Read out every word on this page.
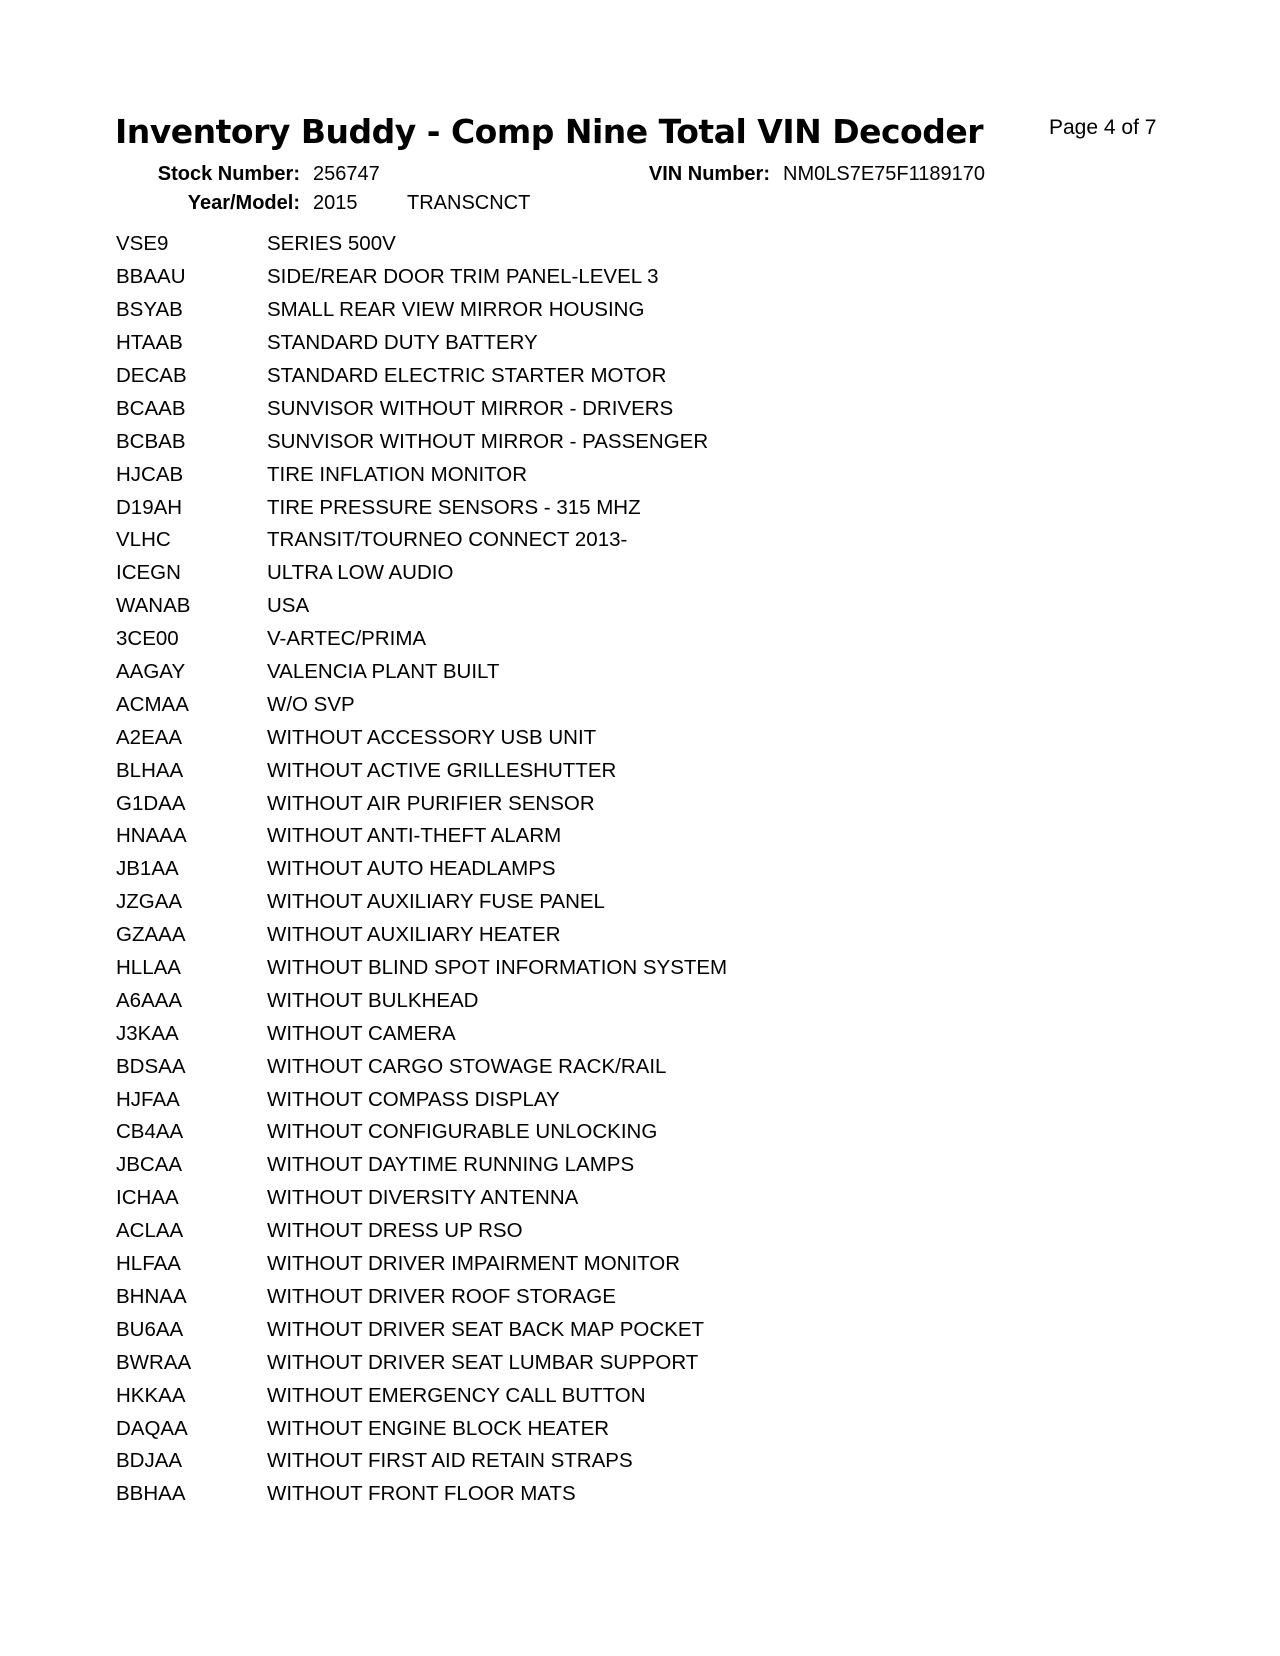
Inventory Buddy - Comp Nine Total VIN Decoder	Page 4 of 7
Stock Number: 256747	VIN Number: NM0LS7E75F1189170
Year/Model: 2015 TRANSCNCT
VSE9	SERIES 500V
BBAAU	SIDE/REAR DOOR TRIM PANEL-LEVEL 3
BSYAB	SMALL REAR VIEW MIRROR HOUSING
HTAAB	STANDARD DUTY BATTERY
DECAB	STANDARD ELECTRIC STARTER MOTOR
BCAAB	SUNVISOR WITHOUT MIRROR - DRIVERS
BCBAB	SUNVISOR WITHOUT MIRROR - PASSENGER
HJCAB	TIRE INFLATION MONITOR
D19AH	TIRE PRESSURE SENSORS - 315 MHZ
VLHC	TRANSIT/TOURNEO CONNECT 2013-
ICEGN	ULTRA LOW AUDIO
WANAB	USA
3CE00	V-ARTEC/PRIMA
AAGAY	VALENCIA PLANT BUILT
ACMAA	W/O SVP
A2EAA	WITHOUT ACCESSORY USB UNIT
BLHAA	WITHOUT ACTIVE GRILLESHUTTER
G1DAA	WITHOUT AIR PURIFIER SENSOR
HNAAA	WITHOUT ANTI-THEFT ALARM
JB1AA	WITHOUT AUTO HEADLAMPS
JZGAA	WITHOUT AUXILIARY FUSE PANEL
GZAAA	WITHOUT AUXILIARY HEATER
HLLAA	WITHOUT BLIND SPOT INFORMATION SYSTEM
A6AAA	WITHOUT BULKHEAD
J3KAA	WITHOUT CAMERA
BDSAA	WITHOUT CARGO STOWAGE RACK/RAIL
HJFAA	WITHOUT COMPASS DISPLAY
CB4AA	WITHOUT CONFIGURABLE UNLOCKING
JBCAA	WITHOUT DAYTIME RUNNING LAMPS
ICHAA	WITHOUT DIVERSITY ANTENNA
ACLAA	WITHOUT DRESS UP RSO
HLFAA	WITHOUT DRIVER IMPAIRMENT MONITOR
BHNAA	WITHOUT DRIVER ROOF STORAGE
BU6AA	WITHOUT DRIVER SEAT BACK MAP POCKET
BWRAA	WITHOUT DRIVER SEAT LUMBAR SUPPORT
HKKAA	WITHOUT EMERGENCY CALL BUTTON
DAQAA	WITHOUT ENGINE BLOCK HEATER
BDJAA	WITHOUT FIRST AID RETAIN STRAPS
BBHAA	WITHOUT FRONT FLOOR MATS
